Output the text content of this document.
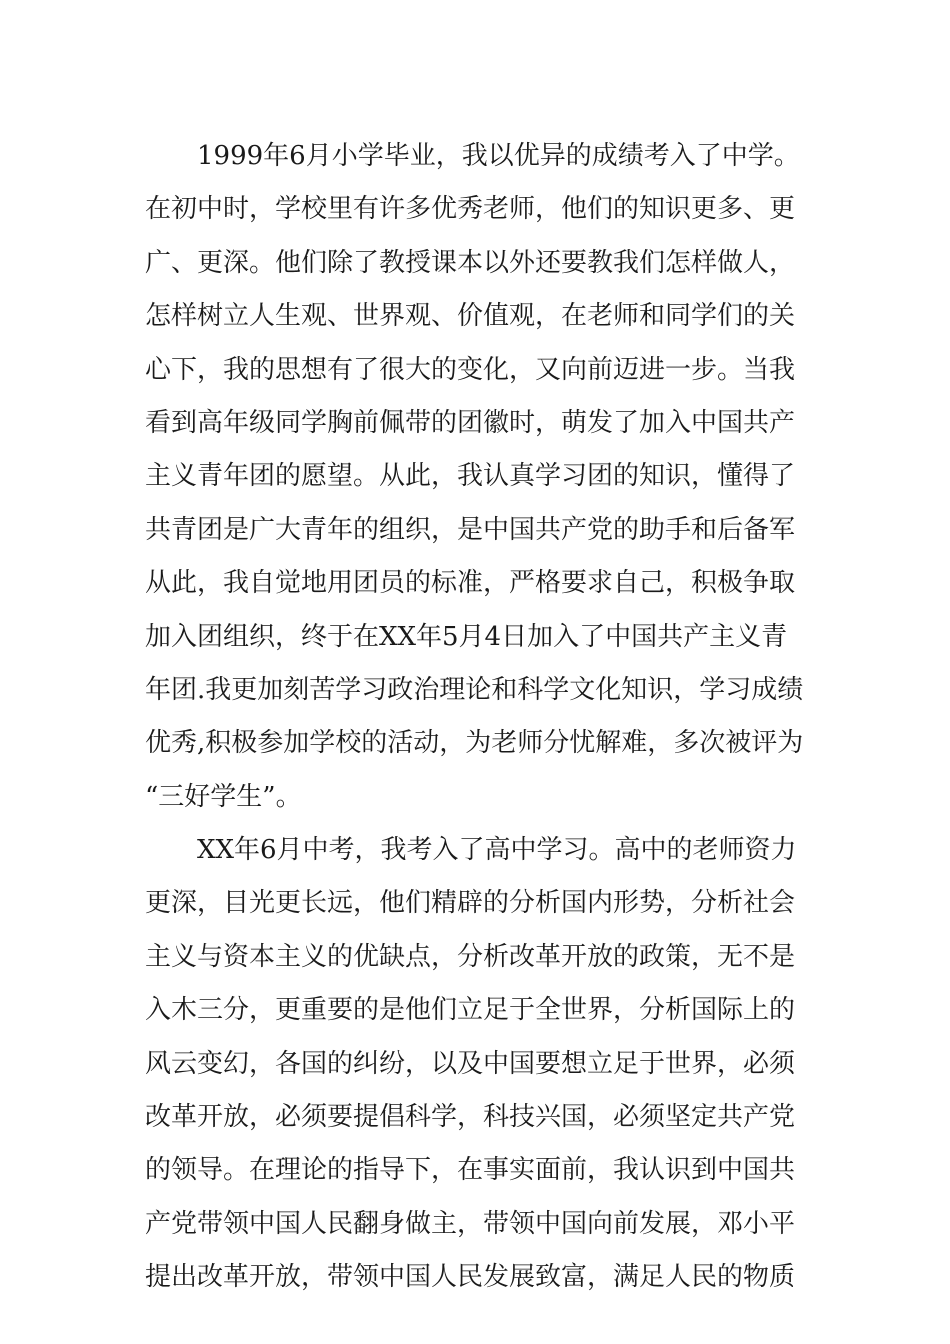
1999年6月小学毕业，我以优异的成绩考入了中学。
在初中时，学校里有许多优秀老师，他们的知识更多、更
广、更深。他们除了教授课本以外还要教我们怎样做人，
怎样树立人生观、世界观、价值观，在老师和同学们的关
心下，我的思想有了很大的变化，又向前迈进一步。当我
看到高年级同学胸前佩带的团徽时，萌发了加入中国共产
主义青年团的愿望。从此，我认真学习团的知识，懂得了
共青团是广大青年的组织，是中国共产党的助手和后备军
从此，我自觉地用团员的标准，严格要求自己，积极争取
加入团组织，终于在XX年5月4日加入了中国共产主义青
年团.我更加刻苦学习政治理论和科学文化知识，学习成绩
优秀,积极参加学校的活动，为老师分忧解难，多次被评为
“三好学生”。
XX年6月中考，我考入了高中学习。高中的老师资力
更深，目光更长远，他们精辟的分析国内形势，分析社会
主义与资本主义的优缺点，分析改革开放的政策，无不是
入木三分，更重要的是他们立足于全世界，分析国际上的
风云变幻，各国的纠纷，以及中国要想立足于世界，必须
改革开放，必须要提倡科学，科技兴国，必须坚定共产党
的领导。在理论的指导下，在事实面前，我认识到中国共
产党带领中国人民翻身做主，带领中国向前发展，邓小平
提出改革开放，带领中国人民发展致富，满足人民的物质
